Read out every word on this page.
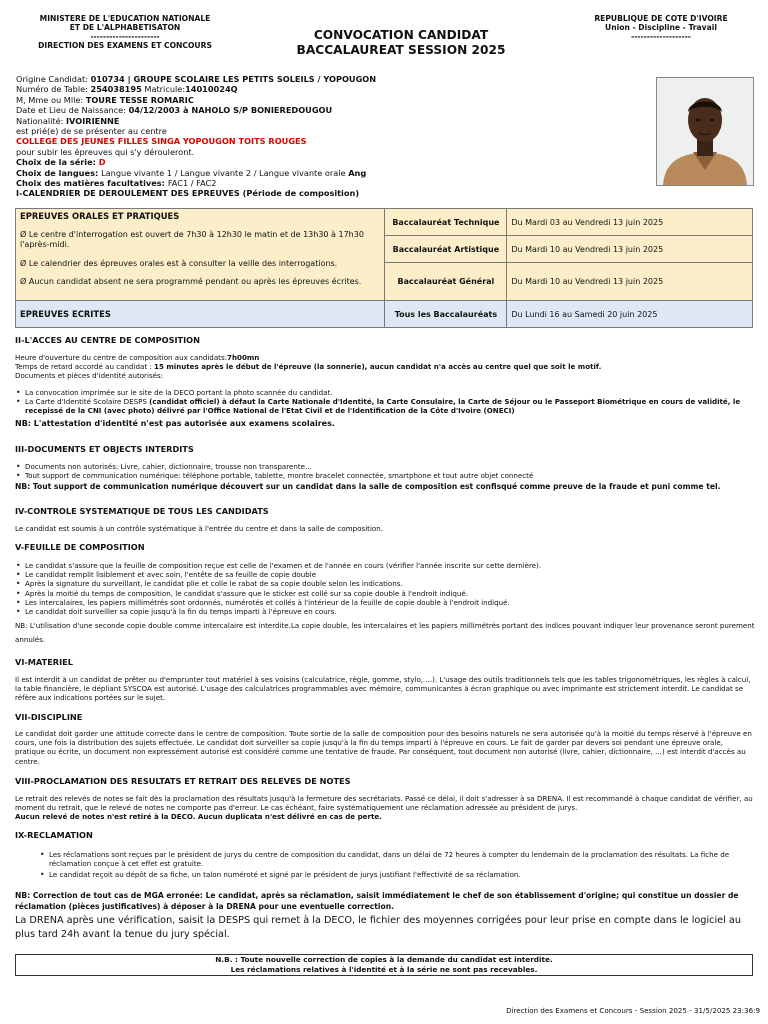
MINISTERE DE L'EDUCATION NATIONALE
ET DE L'ALPHABETISATON
----------------------
DIRECTION DES EXAMENS ET CONCOURS
CONVOCATION CANDIDAT
BACCALAUREAT SESSION 2025
REPUBLIQUE DE COTE D'IVOIRE
Union - Discipline - Travail
-------------------
Origine Candidat: 010734 | GROUPE SCOLAIRE LES PETITS SOLEILS / YOPOUGON
Numéro de Table: 254038195 Matricule:14010024Q
M, Mme ou Mlle: TOURE TESSE ROMARIC
Date et Lieu de Naissance: 04/12/2003 à NAHOLO S/P BONIEREDOUGOU
Nationalité: IVOIRIENNE
est prié(e) de se présenter au centre
COLLEGE DES JEUNES FILLES SINGA YOPOUGON TOITS ROUGES
pour subir les épreuves qui s'y dérouleront.
Choix de la série: D
Choix de langues: Langue vivante 1 / Langue vivante 2 / Langue vivante orale Ang
Choix des matières facultatives: FAC1 / FAC2
I-CALENDRIER DE DEROULEMENT DES EPREUVES (Période de composition)
EPREUVES ORALES ET PRATIQUES
Ø Le centre d'interrogation est ouvert de 7h30 à 12h30 le matin et de 13h30 à 17h30 l'après-midi.
Ø Le calendrier des épreuves orales est à consulter la veille des interrogations.
Ø Aucun candidat absent ne sera programmé pendant ou après les épreuves écrites.	Baccalauréat Technique	Du Mardi 03 au Vendredi 13 juin 2025
	Baccalauréat Artistique	Du Mardi 10 au Vendredi 13 juin 2025
	Baccalauréat Général	Du Mardi 10 au Vendredi 13 juin 2025
EPREUVES ECRITES	Tous les Baccalauréats	Du Lundi 16 au Samedi 20 juin 2025
II-L'ACCES AU CENTRE DE COMPOSITION
Heure d'ouverture du centre de composition aux candidats:7h00mn
Temps de retard accordé au candidat : 15 minutes après le début de l'épreuve (la sonnerie), aucun candidat n'a accès au centre quel que soit le motif.
Documents et pièces d'identité autorisés:
• La convocation imprimée sur le site de la DECO portant la photo scannée du candidat.
• La Carte d'Identité Scolaire DESPS (candidat officiel) à défaut la Carte Nationale d'Identité, la Carte Consulaire, la Carte de Séjour ou le Passeport Biométrique en cours de validité, le recepissé de la CNI (avec photo) délivré par l'Office National de l'Etat Civil et de l'Identification de la Côte d'Ivoire (ONECI)
NB: L'attestation d'identité n'est pas autorisée aux examens scolaires.
III-DOCUMENTS ET OBJECTS INTERDITS
• Documents non autorisés: Livre, cahier, dictionnaire, trousse non transparente...
• Tout support de communication numérique: téléphone portable, tablette, montre bracelet connectée, smartphone et tout autre objet connecté
NB: Tout support de communication numérique découvert sur un candidat dans la salle de composition est confisqué comme preuve de la fraude et puni comme tel.
IV-CONTROLE SYSTEMATIQUE DE TOUS LES CANDIDATS
Le candidat est soumis à un contrôle systématique à l'entrée du centre et dans la salle de composition.
V-FEUILLE DE COMPOSITION
• Le candidat s'assure que la feuille de composition reçue est celle de l'examen et de l'année en cours (vérifier l'année inscrite sur cette dernière).
• Le candidat remplit lisiblement et avec soin, l'entête de sa feuille de copie double
• Après la signature du surveillant, le candidat plie et colle le rabat de sa copie double selon les indications.
• Après la moitié du temps de composition, le candidat s'assure que le sticker est collé sur sa copie double à l'endroit indiqué.
• Les intercalaires, les papiers millimétrés sont ordonnés, numérotés et collés à l'intérieur de la feuille de copie double à l'endroit indiqué.
• Le candidat doit surveiller sa copie jusqu'à la fin du temps imparti à l'épreuve en cours.
NB: L'utilisation d'une seconde copie double comme intercalaire est interdite.La copie double, les intercalaires et les papiers millimétrés portant des indices pouvant indiquer leur provenance seront purement annulés.
VI-MATERIEL
Il est interdit à un candidat de prêter ou d'emprunter tout matériel à ses voisins (calculatrice, règle, gomme, stylo, ...). L'usage des outils traditionnels tels que les tables trigonométriques, les règles à calcul, la table financière, le dépliant SYSCOA est autorisé. L'usage des calculatrices programmables avec mémoire, communicantes à écran graphique ou avec imprimante est strictement interdit. Le candidat se réfère aux indications portées sur le sujet.
VII-DISCIPLINE
Le candidat doit garder une attitude correcte dans le centre de composition. Toute sortie de la salle de composition pour des besoins naturels ne sera autorisée qu'à la moitié du temps réservé à l'épreuve en cours, une fois la distribution des sujets effectuée. Le candidat doit surveiller sa copie jusqu'à la fin du temps imparti à l'épreuve en cours. Le fait de garder par devers soi pendant une épreuve orale, pratique ou écrite, un document non expressément autorisé est considéré comme une tentative de fraude. Par conséquent, tout document non autorisé (livre, cahier, dictionnaire, ...) est interdit d'accès au centre.
VIII-PROCLAMATION DES RESULTATS ET RETRAIT DES RELEVES DE NOTES
Le retrait des relevés de notes se fait dès la proclamation des résultats jusqu'à la fermeture des secrétariats. Passé ce délai, il doit s'adresser à sa DRENA. Il est recommandé à chaque candidat de vérifier, au moment du retrait, que le relevé de notes ne comporte pas d'erreur. Le cas échéant, faire systématiquement une réclamation adressée au président de jurys.
Aucun relevé de notes n'est retiré à la DECO. Aucun duplicata n'est délivré en cas de perte.
IX-RECLAMATION
• Les réclamations sont reçues par le président de jurys du centre de composition du candidat, dans un délai de 72 heures à compter du lendemain de la proclamation des résultats. La fiche de réclamation conçue à cet effet est gratuite.
• Le candidat reçoit au dépôt de sa fiche, un talon numéroté et signé par le président de jurys justifiant l'effectivité de sa réclamation.
NB: Correction de tout cas de MGA erronée: Le candidat, après sa réclamation, saisit immédiatement le chef de son établissement d'origine; qui constitue un dossier de réclamation (pièces justificatives) à déposer à la DRENA pour une eventuelle correction.
La DRENA après une vérification, saisit la DESPS qui remet à la DECO, le fichier des moyennes corrigées pour leur prise en compte dans le logiciel au plus tard 24h avant la tenue du jury spécial.
N.B. : Toute nouvelle correction de copies à la demande du candidat est interdite.
Les réclamations relatives à l'identité et à la série ne sont pas recevables.
Direction des Examens et Concours - Session 2025 - 31/5/2025 23:36:9
